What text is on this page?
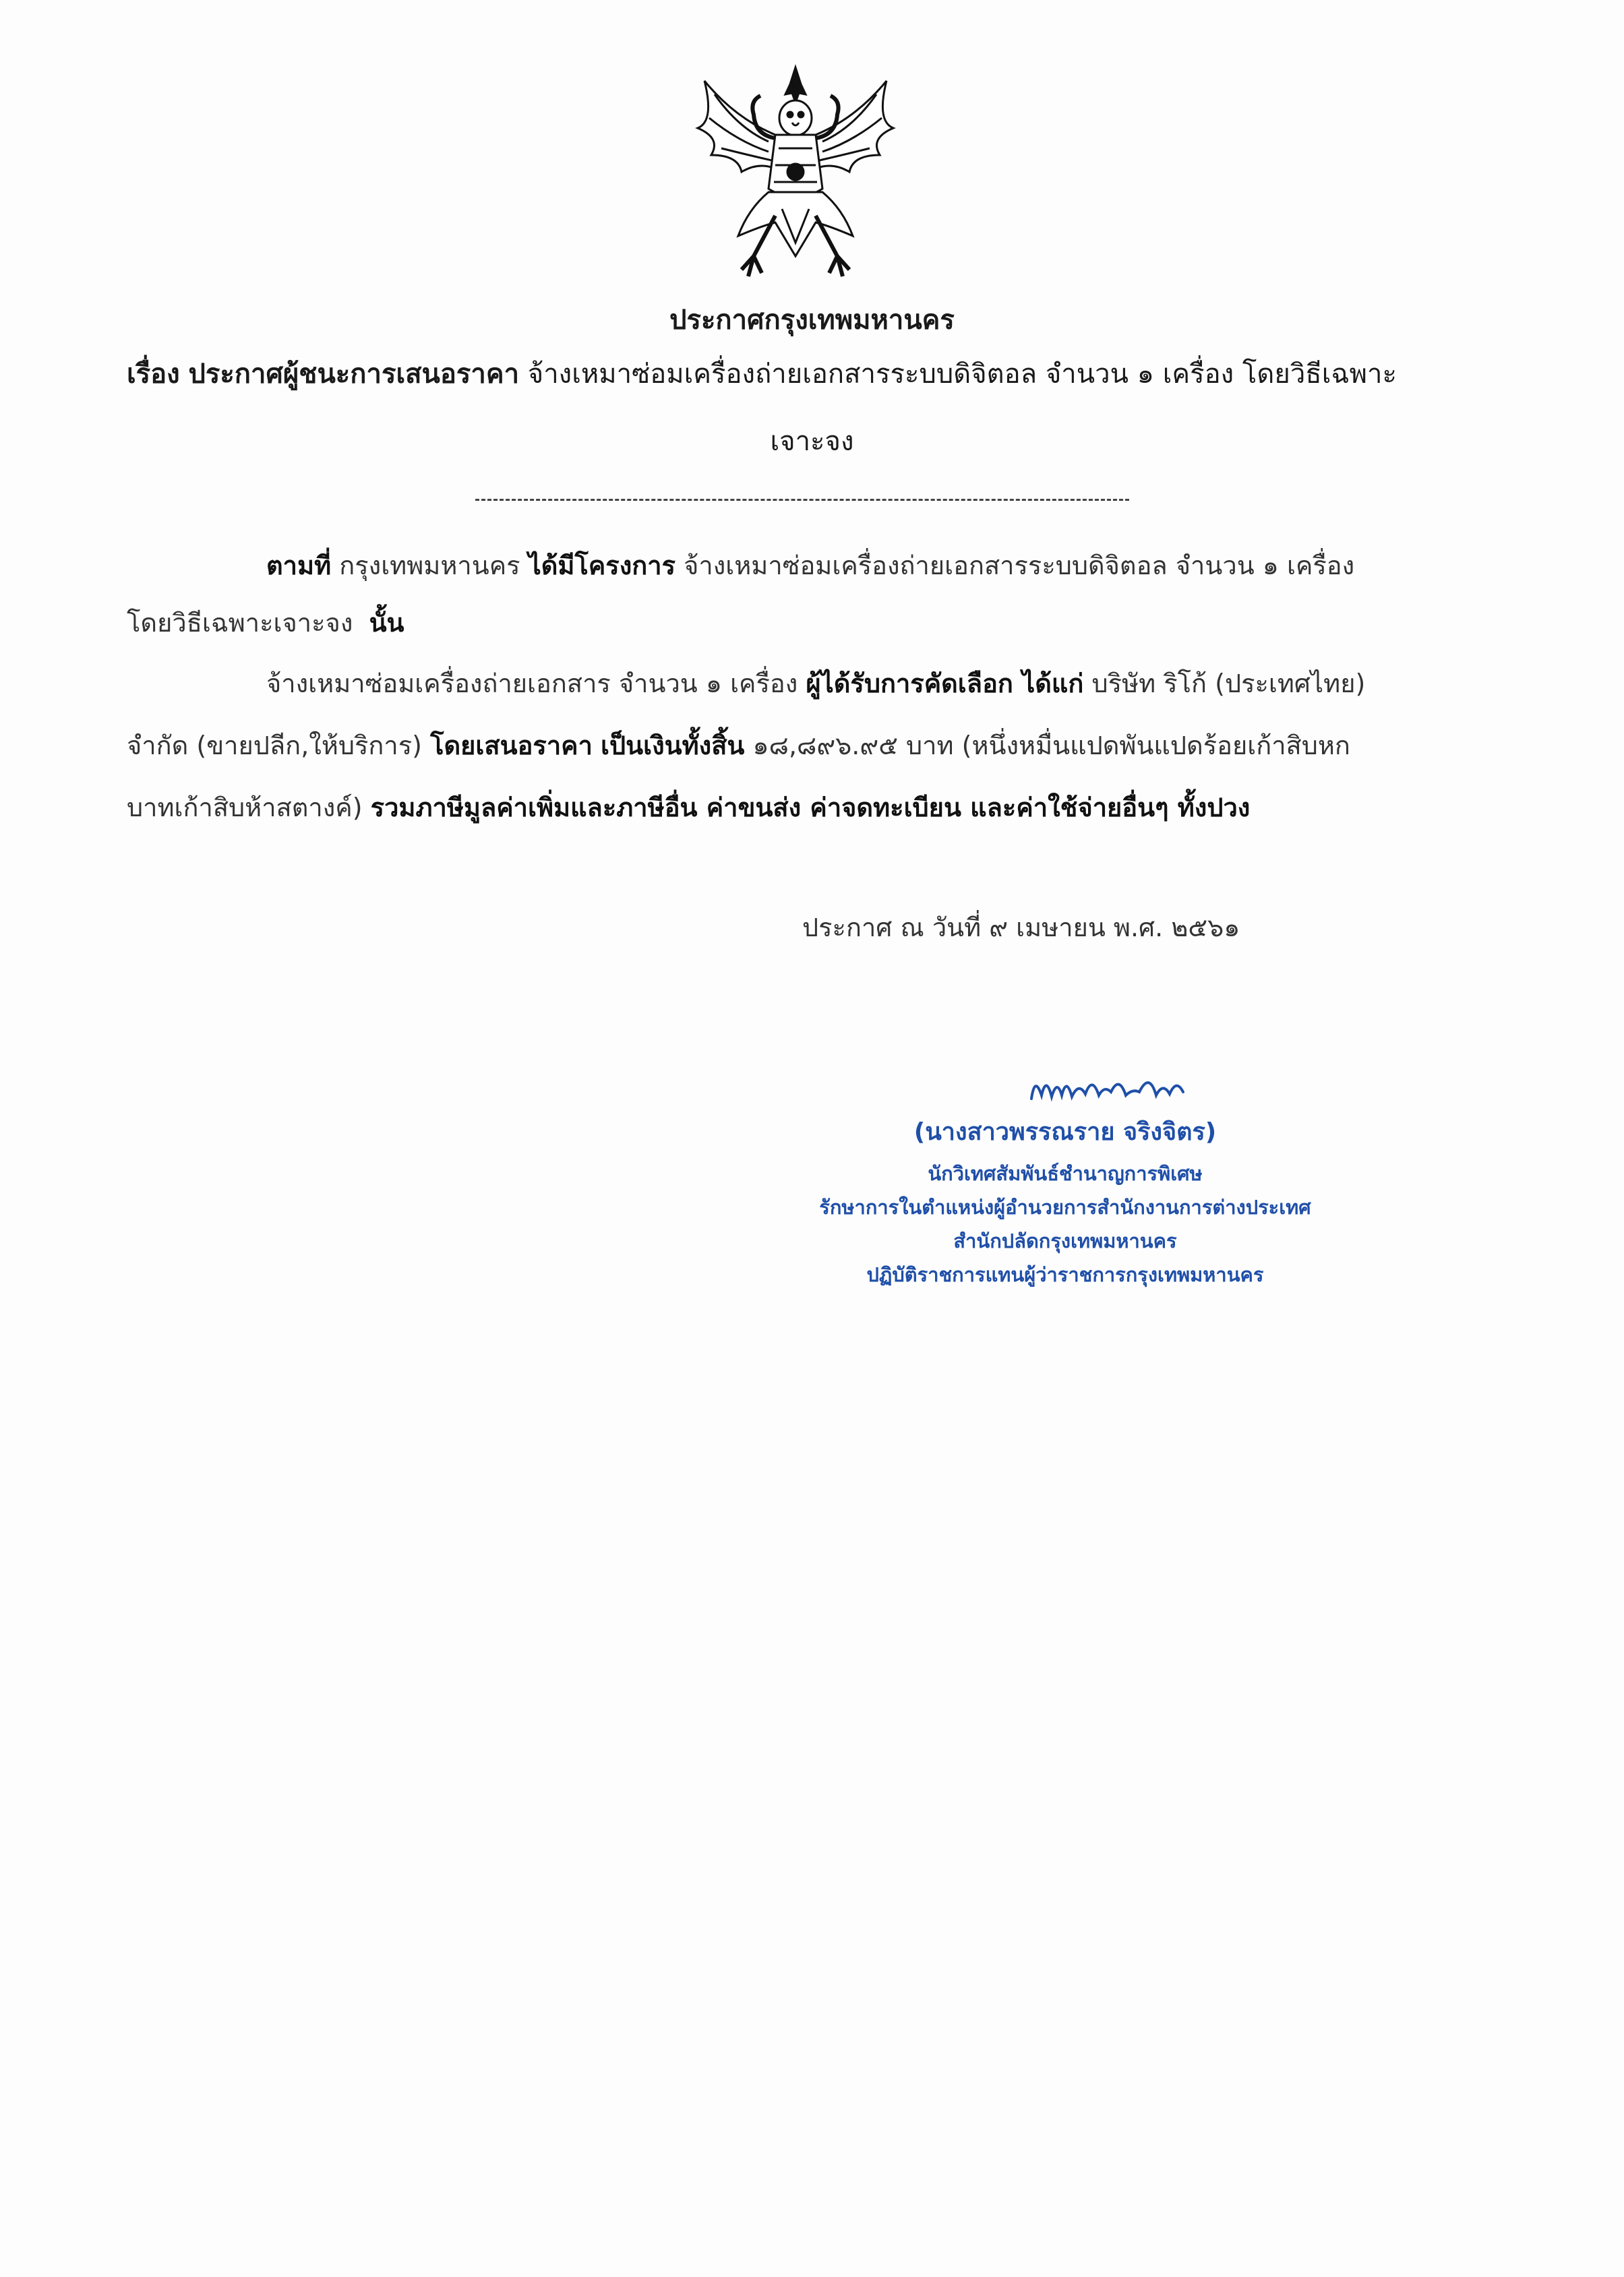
ประกาศกรุงเทพมหานคร
เรื่อง ประกาศผู้ชนะการเสนอราคา จ้างเหมาซ่อมเครื่องถ่ายเอกสารระบบดิจิตอล จำนวน ๑ เครื่อง โดยวิธีเฉพาะ
เจาะจง
ตามที่ กรุงเทพมหานคร ได้มีโครงการ จ้างเหมาซ่อมเครื่องถ่ายเอกสารระบบดิจิตอล จำนวน ๑ เครื่อง
โดยวิธีเฉพาะเจาะจง นั้น
จ้างเหมาซ่อมเครื่องถ่ายเอกสาร จำนวน ๑ เครื่อง ผู้ได้รับการคัดเลือก ได้แก่ บริษัท ริโก้ (ประเทศไทย)
จำกัด (ขายปลีก,ให้บริการ) โดยเสนอราคา เป็นเงินทั้งสิ้น ๑๘,๘๙๖.๙๕ บาท (หนึ่งหมื่นแปดพันแปดร้อยเก้าสิบหก
บาทเก้าสิบห้าสตางค์) รวมภาษีมูลค่าเพิ่มและภาษีอื่น ค่าขนส่ง ค่าจดทะเบียน และค่าใช้จ่ายอื่นๆ ทั้งปวง
ประกาศ ณ วันที่ ๙ เมษายน พ.ศ. ๒๕๖๑
(นางสาวพรรณราย จริงจิตร)
นักวิเทศสัมพันธ์ชำนาญการพิเศษ
รักษาการในตำแหน่งผู้อำนวยการสำนักงานการต่างประเทศ
สำนักปลัดกรุงเทพมหานคร
ปฏิบัติราชการแทนผู้ว่าราชการกรุงเทพมหานคร
